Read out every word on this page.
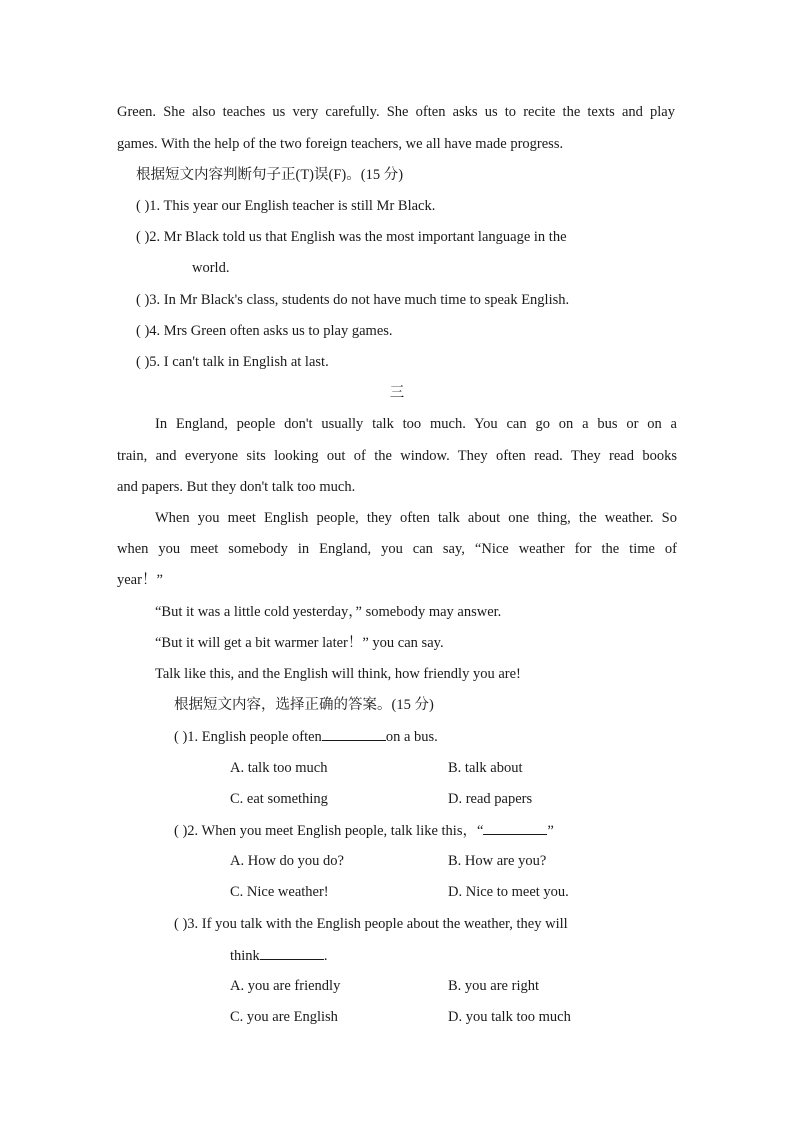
Green. She also teaches us very carefully. She often asks us to recite the texts and play
games. With the help of the two foreign teachers, we all have made progress.
根据短文内容判断句子正(T)误(F)。(15 分)
( )1. This year our English teacher is still Mr Black.
( )2. Mr Black told us that English was the most important language in the
world.
( )3. In Mr Black's class, students do not have much time to speak English.
( )4. Mrs Green often asks us to play games.
( )5. I can't talk in English at last.
三
In England, people don't usually talk too much. You can go on a bus or on a
train, and everyone sits looking out of the window. They often read. They read books
and papers. But they don't talk too much.
When you meet English people, they often talk about one thing, the weather. So
when you meet somebody in England, you can say, “Nice weather for the time of
year！”
“But it was a little cold yesterday，” somebody may answer.
“But it will get a bit warmer later！” you can say.
Talk like this, and the English will think, how friendly you are!
根据短文内容，选择正确的答案。(15 分)
( )1. English people often	on a bus.
A. talk too much	B. talk about
C. eat something	D. read papers
( )2. When you meet English people, talk like this，“	”
A. How do you do?	B. How are you?
C. Nice weather!	D. Nice to meet you.
( )3. If you talk with the English people about the weather, they will
think	.
A. you are friendly	B. you are right
C. you are English	D. you talk too much
